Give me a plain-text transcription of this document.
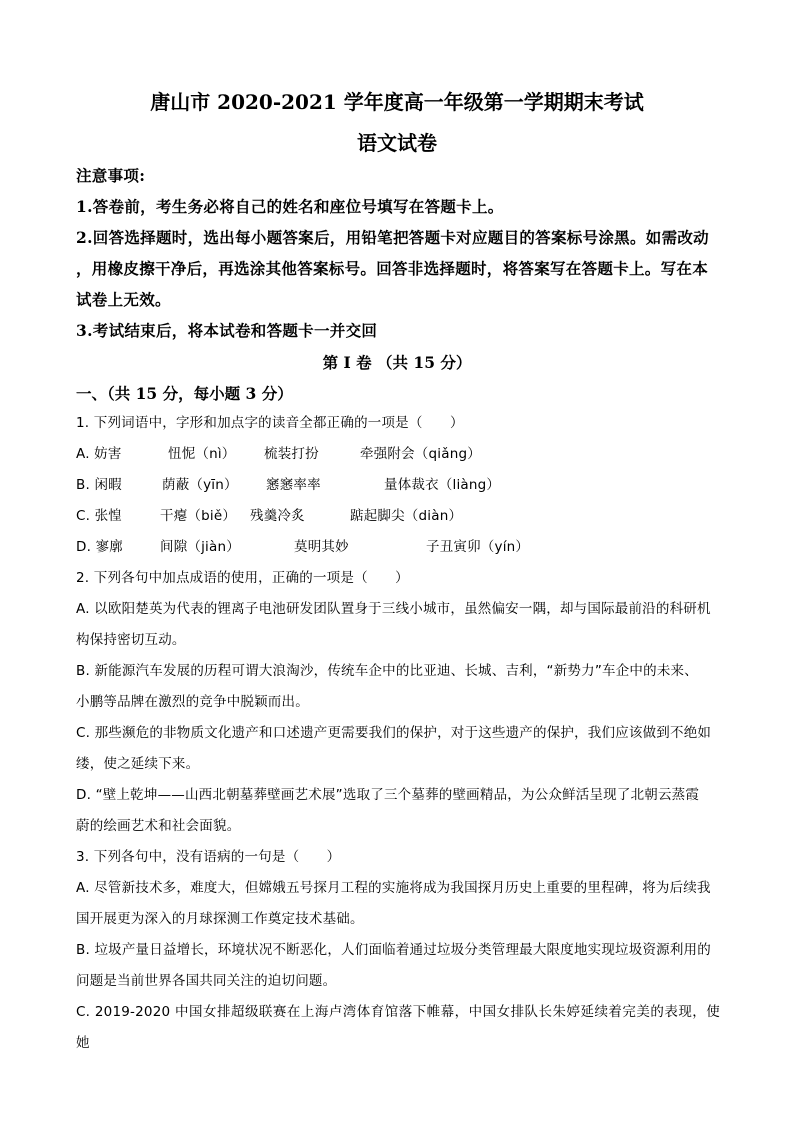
唐山市 2020-2021 学年度高一年级第一学期期末考试
语文试卷
注意事项:
1.答卷前，考生务必将自己的姓名和座位号填写在答题卡上。
2.回答选择题时，选出每小题答案后，用铅笔把答题卡对应题目的答案标号涂黑。如需改动
，用橡皮擦干净后，再选涂其他答案标号。回答非选择题时，将答案写在答题卡上。写在本
试卷上无效。
3.考试结束后，将本试卷和答题卡一并交回
第 I 卷 （共 15 分）
一、（共 15 分，每小题 3 分）
1. 下列词语中，字形和加点字的读音全都正确的一项是（　　）
A. 妨害	忸怩（nì） 梳装打扮	牵强附会（qiǎng）
B. 闲暇	荫蔽（yīn） 窸窸率率	量体裁衣（liàng）
C. 张惶	干瘪（biě） 残羹冷炙	踮起脚尖（diàn）
D. 寥廓	间隙（jiàn）	莫明其妙	子丑寅卯（yín）
2. 下列各句中加点成语的使用，正确的一项是（　　）
A. 以欧阳楚英为代表的锂离子电池研发团队置身于三线小城市，虽然偏安一隅，却与国际最前沿的科研机
构保持密切互动。
B. 新能源汽车发展的历程可谓大浪淘沙，传统车企中的比亚迪、长城、吉利，“新势力”车企中的未来、
小鹏等品牌在激烈的竞争中脱颖而出。
C. 那些濒危的非物质文化遗产和口述遗产更需要我们的保护，对于这些遗产的保护，我们应该做到不绝如
缕，使之延续下来。
D. “壁上乾坤——山西北朝墓葬壁画艺术展”选取了三个墓葬的壁画精品，为公众鲜活呈现了北朝云蒸霞
蔚的绘画艺术和社会面貌。
3. 下列各句中，没有语病的一句是（　　）
A. 尽管新技术多，难度大，但嫦娥五号探月工程的实施将成为我国探月历史上重要的里程碑，将为后续我
国开展更为深入的月球探测工作奠定技术基础。
B. 垃圾产量日益增长，环境状况不断恶化，人们面临着通过垃圾分类管理最大限度地实现垃圾资源利用的
问题是当前世界各国共同关注的迫切问题。
C. 2019-2020 中国女排超级联赛在上海卢湾体育馆落下帷幕，中国女排队长朱婷延续着完美的表现，使她
